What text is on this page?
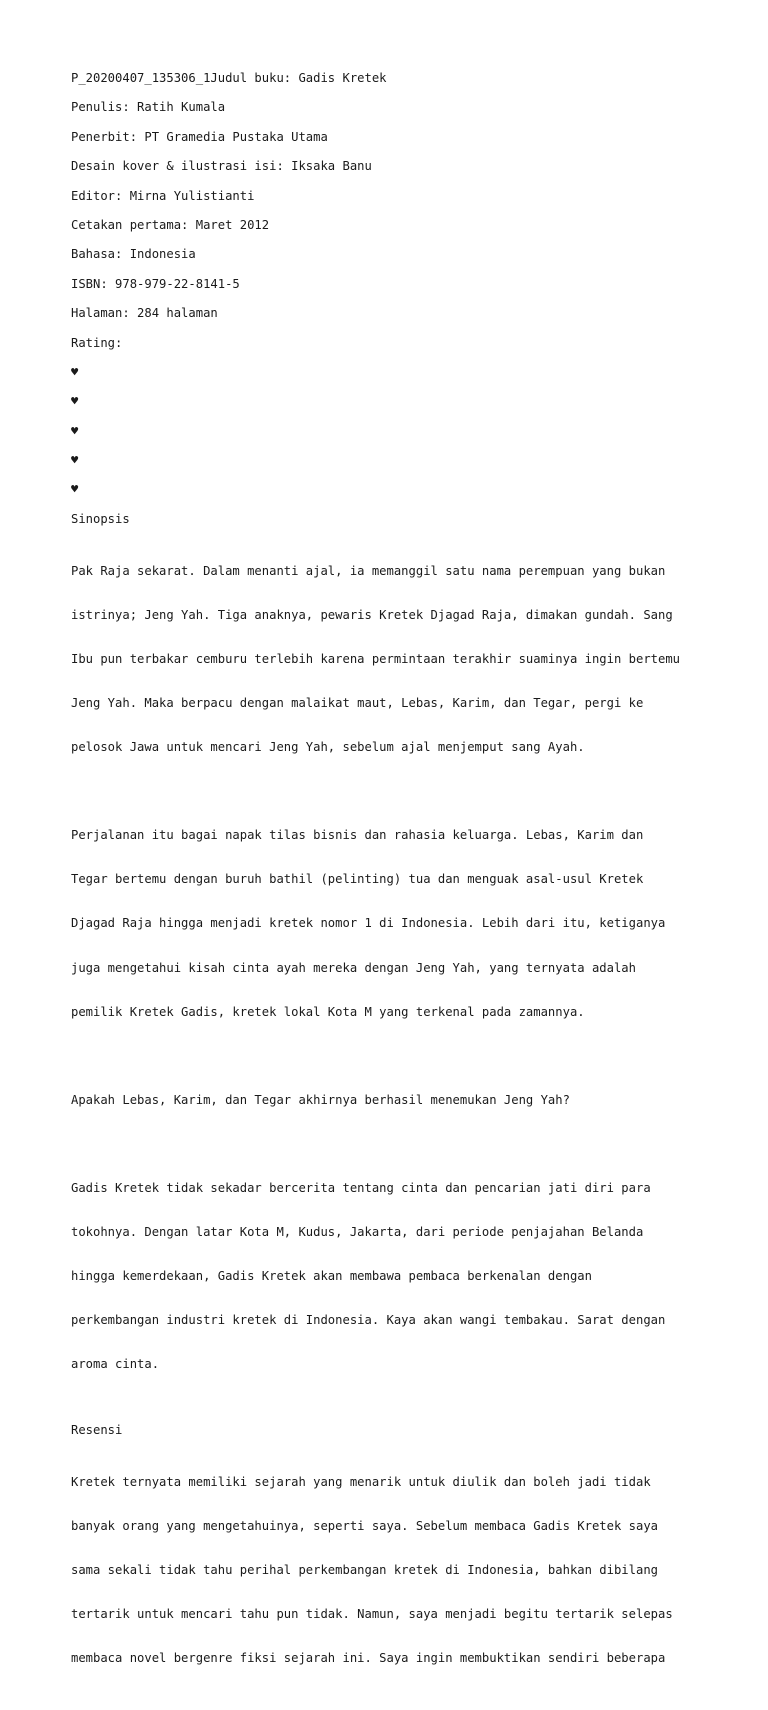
P_20200407_135306_1Judul buku: Gadis Kretek

Penulis: Ratih Kumala

Penerbit: PT Gramedia Pustaka Utama

Desain kover & ilustrasi isi: Iksaka Banu

Editor: Mirna Yulistianti

Cetakan pertama: Maret 2012

Bahasa: Indonesia

ISBN: 978-979-22-8141-5

Halaman: 284 halaman

Rating:

♥
♥
♥
♥
♥

Sinopsis

Pak Raja sekarat. Dalam menanti ajal, ia memanggil satu nama perempuan yang bukan

istrinya; Jeng Yah. Tiga anaknya, pewaris Kretek Djagad Raja, dimakan gundah. Sang

Ibu pun terbakar cemburu terlebih karena permintaan terakhir suaminya ingin bertemu

Jeng Yah. Maka berpacu dengan malaikat maut, Lebas, Karim, dan Tegar, pergi ke

pelosok Jawa untuk mencari Jeng Yah, sebelum ajal menjemput sang Ayah.

Perjalanan itu bagai napak tilas bisnis dan rahasia keluarga. Lebas, Karim dan

Tegar bertemu dengan buruh bathil (pelinting) tua dan menguak asal-usul Kretek

Djagad Raja hingga menjadi kretek nomor 1 di Indonesia. Lebih dari itu, ketiganya

juga mengetahui kisah cinta ayah mereka dengan Jeng Yah, yang ternyata adalah

pemilik Kretek Gadis, kretek lokal Kota M yang terkenal pada zamannya.

Apakah Lebas, Karim, dan Tegar akhirnya berhasil menemukan Jeng Yah?

Gadis Kretek tidak sekadar bercerita tentang cinta dan pencarian jati diri para

tokohnya. Dengan latar Kota M, Kudus, Jakarta, dari periode penjajahan Belanda

hingga kemerdekaan, Gadis Kretek akan membawa pembaca berkenalan dengan

perkembangan industri kretek di Indonesia. Kaya akan wangi tembakau. Sarat dengan

aroma cinta.

Resensi

Kretek ternyata memiliki sejarah yang menarik untuk diulik dan boleh jadi tidak

banyak orang yang mengetahuinya, seperti saya. Sebelum membaca Gadis Kretek saya

sama sekali tidak tahu perihal perkembangan kretek di Indonesia, bahkan dibilang

tertarik untuk mencari tahu pun tidak. Namun, saya menjadi begitu tertarik selepas

membaca novel bergenre fiksi sejarah ini. Saya ingin membuktikan sendiri beberapa
